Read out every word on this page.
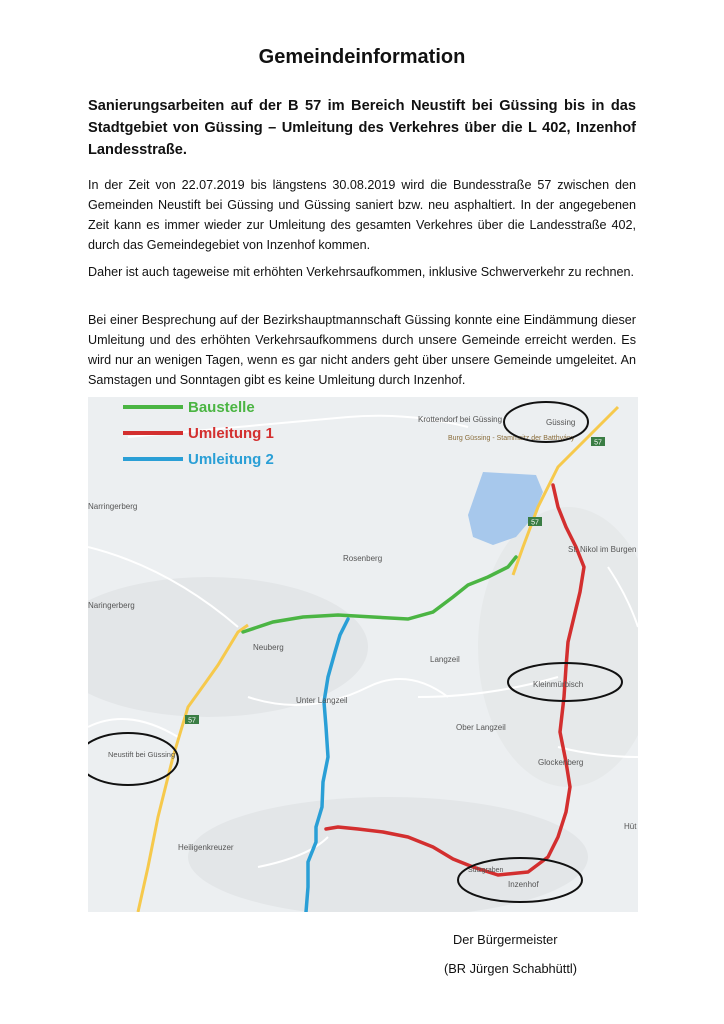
Gemeindeinformation
Sanierungsarbeiten auf der B 57 im Bereich Neustift bei Güssing bis in das Stadtgebiet von Güssing – Umleitung des Verkehres über die L 402, Inzenhof Landesstraße.
In der Zeit von 22.07.2019 bis längstens 30.08.2019 wird die Bundesstraße 57 zwischen den Gemeinden Neustift bei Güssing und Güssing saniert bzw. neu asphaltiert. In der angegebenen Zeit kann es immer wieder zur Umleitung des gesamten Verkehres über die Landesstraße 402, durch das Gemeindegebiet von Inzenhof kommen.
Daher ist auch tageweise mit erhöhten Verkehrsaufkommen, inklusive Schwerverkehr zu rechnen.
Bei einer Besprechung auf der Bezirkshauptmannschaft Güssing konnte eine Eindämmung dieser Umleitung und des erhöhten Verkehrsaufkommens durch unsere Gemeinde erreicht werden. Es wird nur an wenigen Tagen, wenn es gar nicht anders geht über unsere Gemeinde umgeleitet. An Samstagen und Sonntagen gibt es keine Umleitung durch Inzenhof.
57
57
57
Baustelle
Umleitung 1
Umleitung 2
Krottendorf bei Güssing	Güssing
Burg Güssing - Stammsitz der Batthyány
Narringerberg
Rosenberg
St. Nikol im Burgen
Naringerberg
Neuberg
Langzeil
Kleinmürbisch
Unter Langzeil
Ober Langzeil
Neustift bei Güssing
Glockenberg
Hüt
Heiligenkreuzer
Sulzgraben
Inzenhof
Der Bürgermeister
(BR Jürgen Schabhüttl)
